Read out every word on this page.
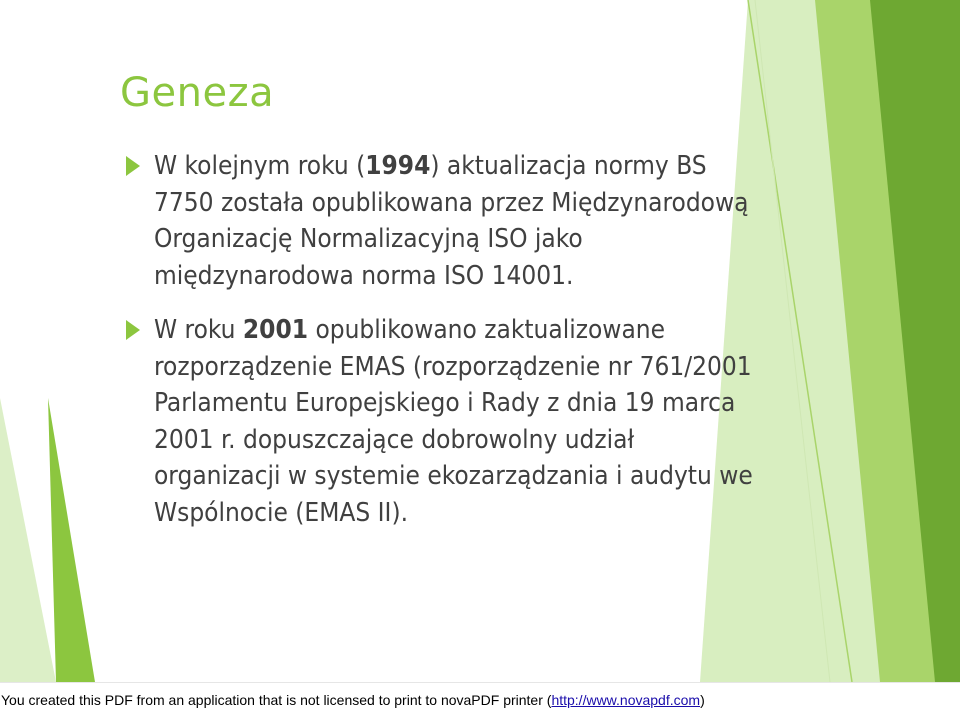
Geneza
W kolejnym roku (1994) aktualizacja normy BS 7750 została opublikowana przez Międzynarodową Organizację Normalizacyjną ISO jako międzynarodowa norma ISO 14001.
W roku 2001 opublikowano zaktualizowane rozporządzenie EMAS (rozporządzenie nr 761/2001 Parlamentu Europejskiego i Rady z dnia 19 marca 2001 r. dopuszczające dobrowolny udział organizacji w systemie ekozarządzania i audytu we Wspólnocie (EMAS II).
You created this PDF from an application that is not licensed to print to novaPDF printer (http://www.novapdf.com)
